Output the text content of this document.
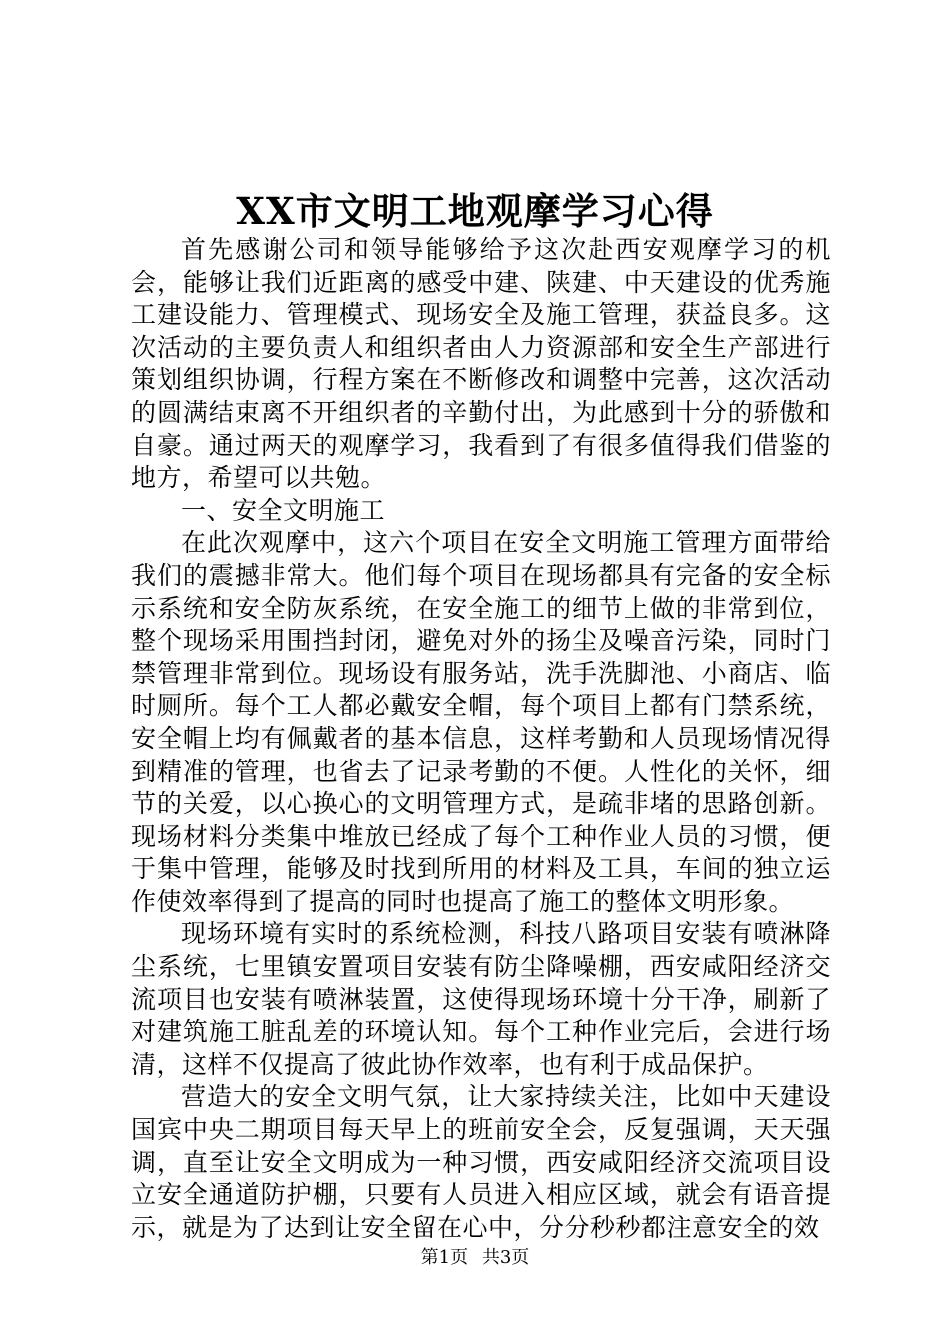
XX市文明工地观摩学习心得

首先感谢公司和领导能够给予这次赴西安观摩学习的机会，能够让我们近距离的感受中建、陕建、中天建设的优秀施工建设能力、管理模式、现场安全及施工管理，获益良多。这次活动的主要负责人和组织者由人力资源部和安全生产部进行策划组织协调，行程方案在不断修改和调整中完善，这次活动的圆满结束离不开组织者的辛勤付出，为此感到十分的骄傲和自豪。通过两天的观摩学习，我看到了有很多值得我们借鉴的地方，希望可以共勉。

一、安全文明施工

在此次观摩中，这六个项目在安全文明施工管理方面带给我们的震撼非常大。他们每个项目在现场都具有完备的安全标示系统和安全防灰系统，在安全施工的细节上做的非常到位，整个现场采用围挡封闭，避免对外的扬尘及噪音污染，同时门禁管理非常到位。现场设有服务站，洗手洗脚池、小商店、临时厕所。每个工人都必戴安全帽，每个项目上都有门禁系统，安全帽上均有佩戴者的基本信息，这样考勤和人员现场情况得到精准的管理，也省去了记录考勤的不便。人性化的关怀，细节的关爱，以心换心的文明管理方式，是疏非堵的思路创新。现场材料分类集中堆放已经成了每个工种作业人员的习惯，便于集中管理，能够及时找到所用的材料及工具，车间的独立运作使效率得到了提高的同时也提高了施工的整体文明形象。

现场环境有实时的系统检测，科技八路项目安装有喷淋降尘系统，七里镇安置项目安装有防尘降噪棚，西安咸阳经济交流项目也安装有喷淋装置，这使得现场环境十分干净，刷新了对建筑施工脏乱差的环境认知。每个工种作业完后，会进行场清，这样不仅提高了彼此协作效率，也有利于成品保护。

营造大的安全文明气氛，让大家持续关注，比如中天建设国宾中央二期项目每天早上的班前安全会，反复强调，天天强调，直至让安全文明成为一种习惯，西安咸阳经济交流项目设立安全通道防护棚，只要有人员进入相应区域，就会有语音提示，就是为了达到让安全留在心中，分分秒秒都注意安全的效

第1页 共3页
